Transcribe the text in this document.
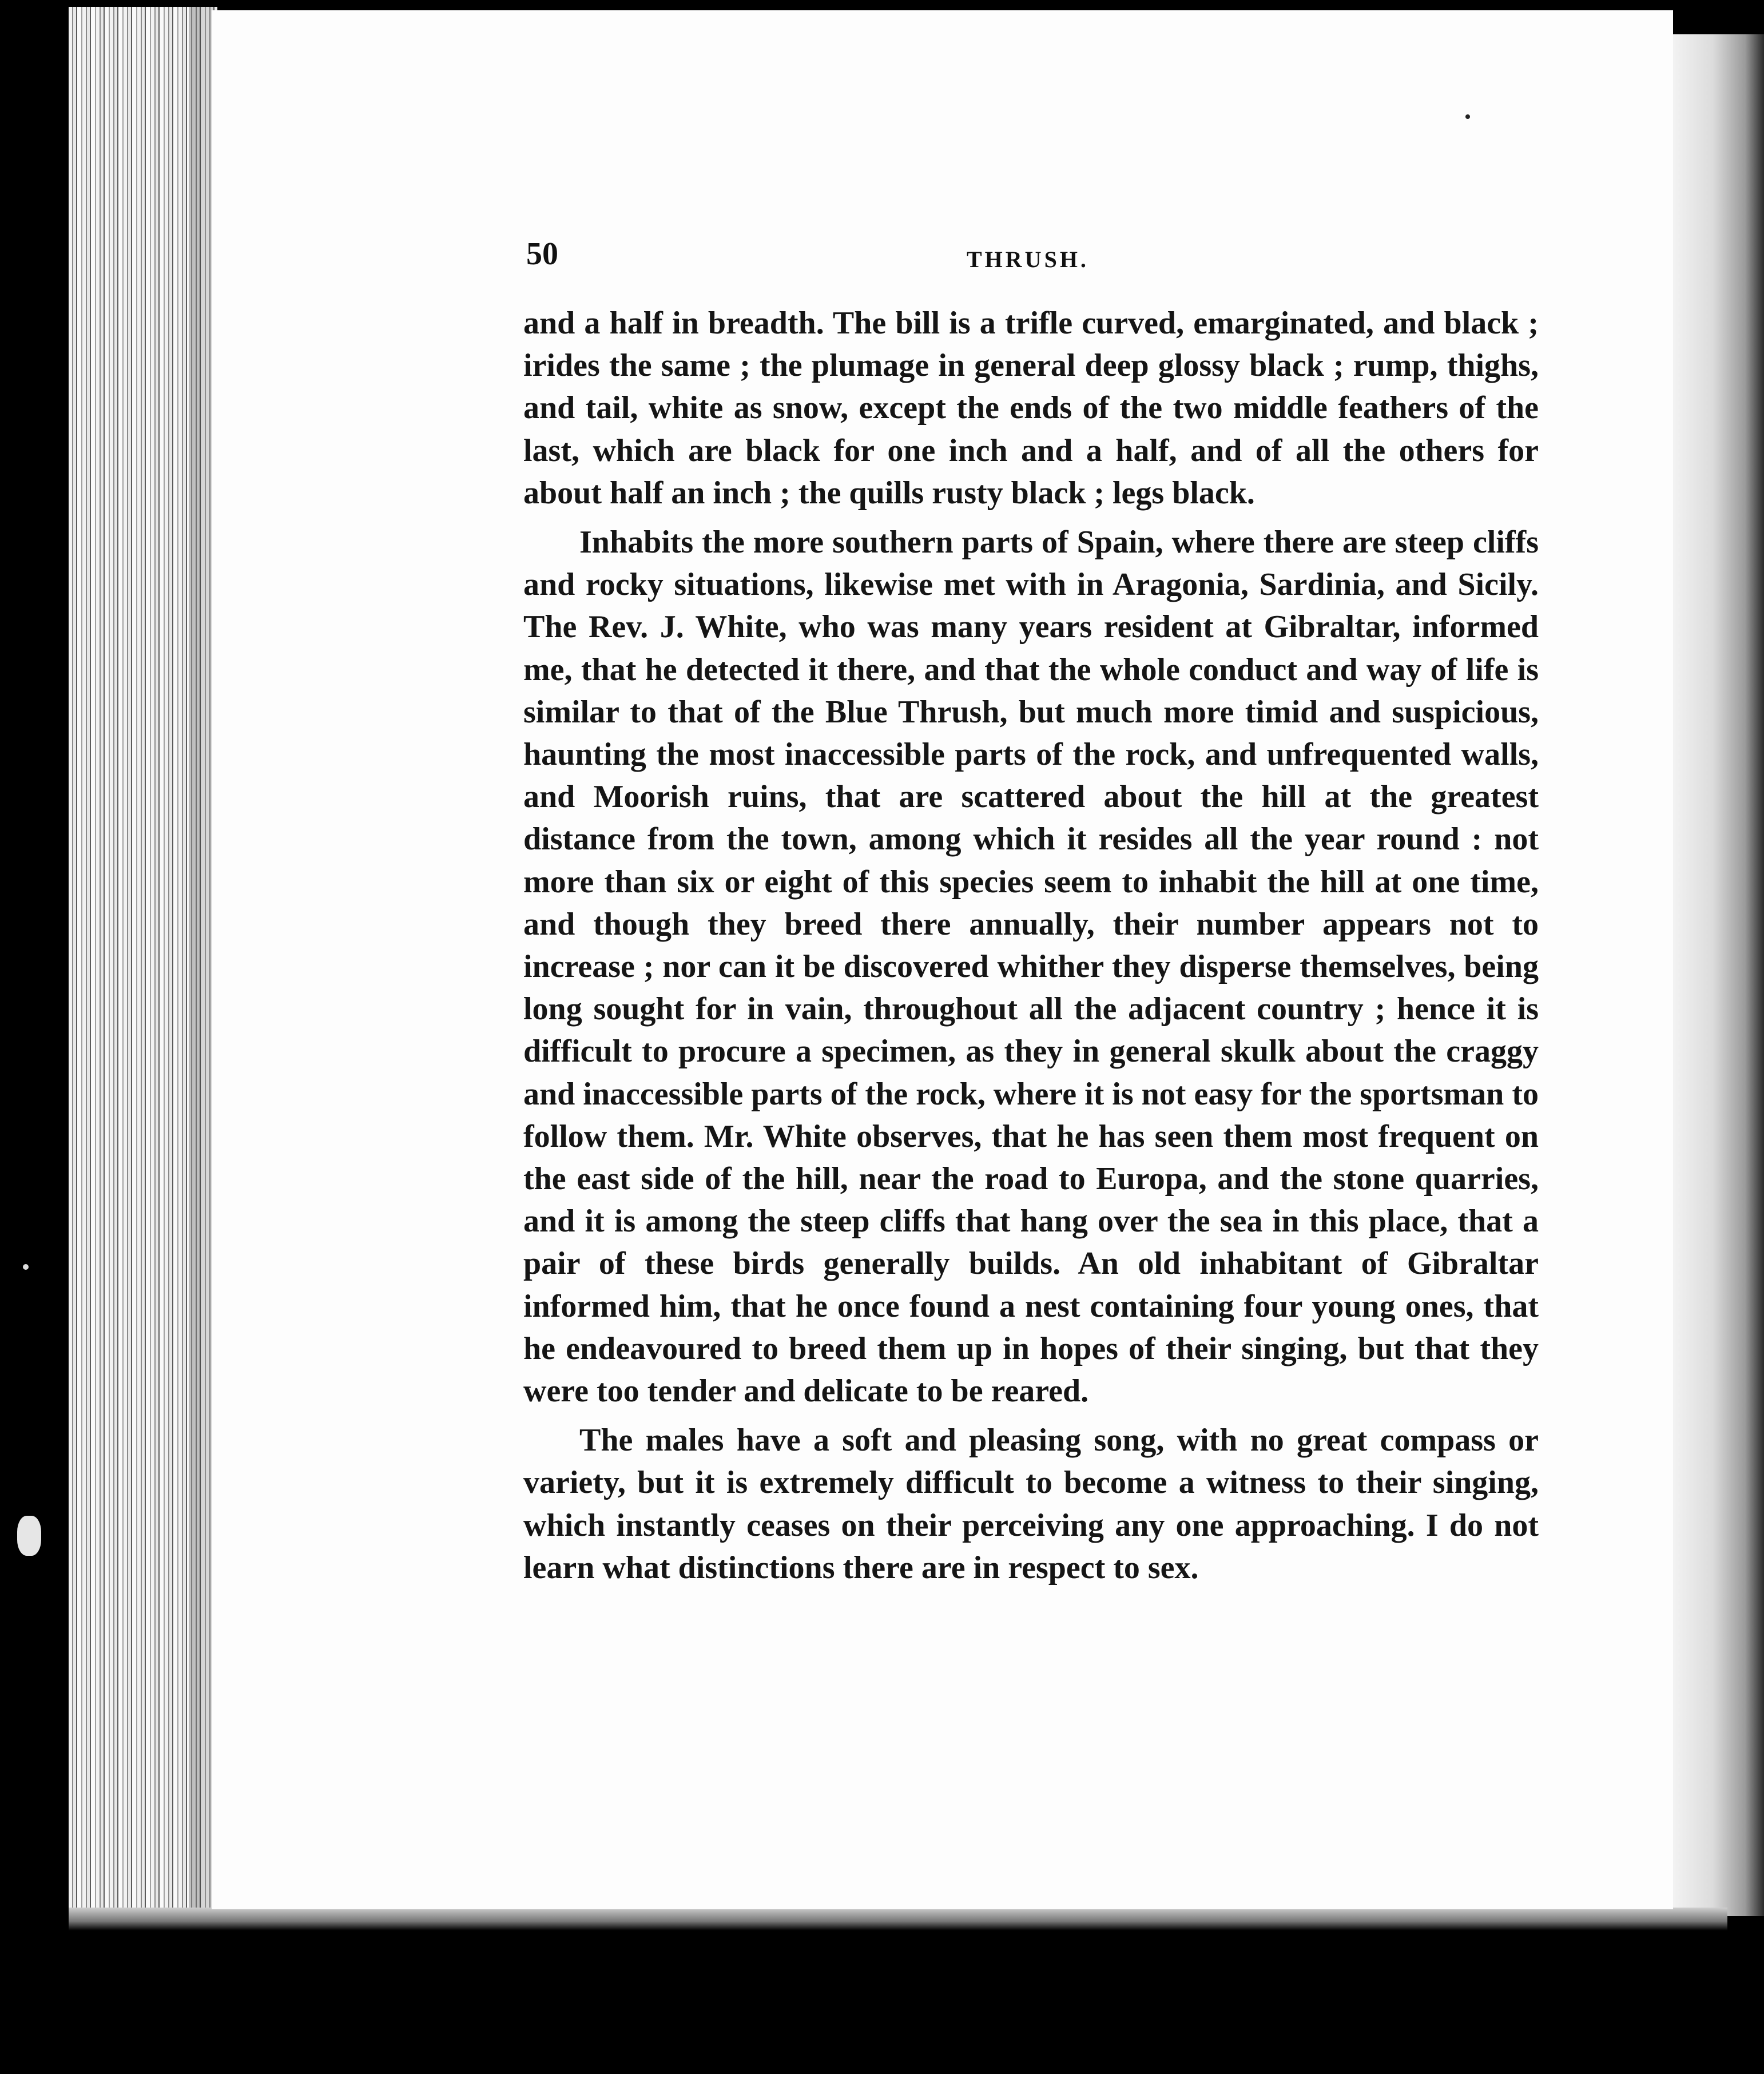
50	THRUSH.

and a half in breadth. The bill is a trifle curved, emarginated, and black ; irides the same ; the plumage in general deep glossy black ; rump, thighs, and tail, white as snow, except the ends of the two middle feathers of the last, which are black for one inch and a half, and of all the others for about half an inch ; the quills rusty black ; legs black.

Inhabits the more southern parts of Spain, where there are steep cliffs and rocky situations, likewise met with in Aragonia, Sardinia, and Sicily. The Rev. J. White, who was many years resident at Gibraltar, informed me, that he detected it there, and that the whole conduct and way of life is similar to that of the Blue Thrush, but much more timid and suspicious, haunting the most inaccessible parts of the rock, and unfrequented walls, and Moorish ruins, that are scattered about the hill at the greatest distance from the town, among which it resides all the year round : not more than six or eight of this species seem to inhabit the hill at one time, and though they breed there annually, their number appears not to increase ; nor can it be discovered whither they disperse themselves, being long sought for in vain, throughout all the adjacent country ; hence it is difficult to procure a specimen, as they in general skulk about the craggy and inaccessible parts of the rock, where it is not easy for the sportsman to follow them. Mr. White observes, that he has seen them most frequent on the east side of the hill, near the road to Europa, and the stone quarries, and it is among the steep cliffs that hang over the sea in this place, that a pair of these birds generally builds. An old inhabitant of Gibraltar informed him, that he once found a nest containing four young ones, that he endeavoured to breed them up in hopes of their singing, but that they were too tender and delicate to be reared.

The males have a soft and pleasing song, with no great compass or variety, but it is extremely difficult to become a witness to their singing, which instantly ceases on their perceiving any one approaching. I do not learn what distinctions there are in respect to sex.
